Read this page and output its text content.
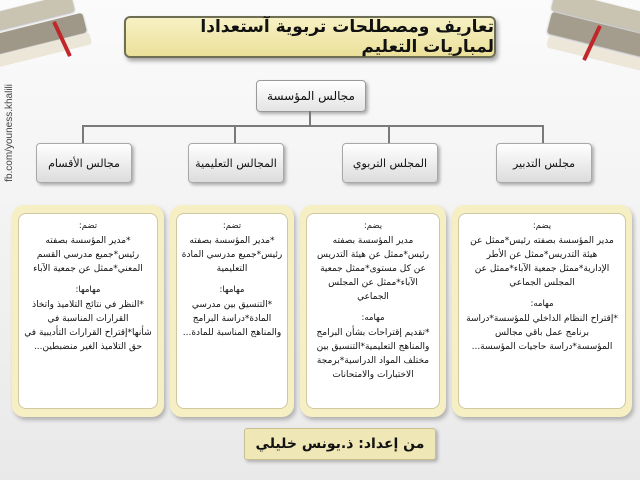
تعاريف ومصطلحات تربوية آستعدادا لمباريات التعليم
fb.com/youness.khalili	مجالس المؤسسة
مجلس التدبير
المجلس التربوي
المجالس التعليمية
مجالس الأقسام
يضم:
مدير المؤسسة بصفته رئيس*ممثل عن هيئة التدريس*ممثل عن الأطر الإدارية*ممثل جمعية الآباء*ممثل عن المجلس الجماعي
مهامه:
*إقتراح النظام الداخلي للمؤسسة*دراسة برنامج عمل باقي مجالس المؤسسة*دراسة حاجيات المؤسسة...
يضم:
مدير المؤسسة بصفته رئيس*ممثل عن هيئة التدريس عن كل مستوى*ممثل جمعية الآباء*ممثل عن المجلس الجماعي
مهامه:
*تقديم إقتراحات بشأن البرامج والمناهج التعليمية*التنسيق بين مختلف المواد الدراسية*برمجة الاختبارات والامتحانات
تضم:
*مدير المؤسسة بصفته رئيس*جميع مدرسي المادة التعليمية
مهامها:
*التنسيق بين مدرسي المادة*دراسة البرامج والمناهج المناسبة للمادة...
تضم:
*مدير المؤسسة بصفته رئيس*جميع مدرسي القسم المعني*ممثل عن جمعية الآباء
مهامها:
*النظر في نتائج التلاميذ واتخاذ القرارات المناسبة في شأنها*إقتراح القرارات التأديبية في حق التلاميذ الغير منضبطين...
من إعداد: ذ.يونس خليلي
